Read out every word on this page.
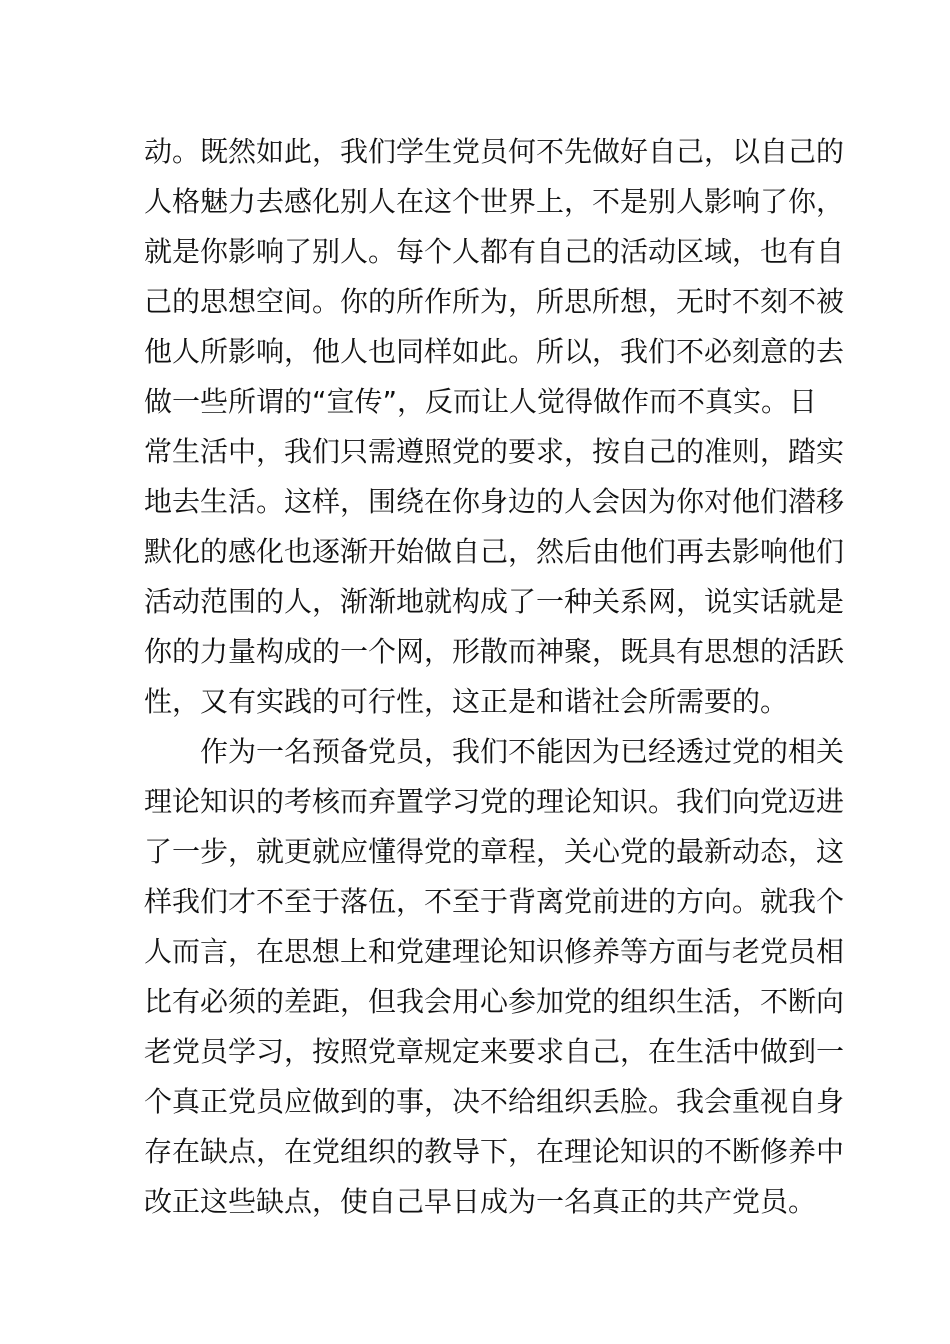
动。既然如此，我们学生党员何不先做好自己，以自己的
人格魅力去感化别人在这个世界上，不是别人影响了你，
就是你影响了别人。每个人都有自己的活动区域，也有自
己的思想空间。你的所作所为，所思所想，无时不刻不被
他人所影响，他人也同样如此。所以，我们不必刻意的去
做一些所谓的“宣传”，反而让人觉得做作而不真实。日
常生活中，我们只需遵照党的要求，按自己的准则，踏实
地去生活。这样，围绕在你身边的人会因为你对他们潜移
默化的感化也逐渐开始做自己，然后由他们再去影响他们
活动范围的人，渐渐地就构成了一种关系网，说实话就是
你的力量构成的一个网，形散而神聚，既具有思想的活跃
性，又有实践的可行性，这正是和谐社会所需要的。
作为一名预备党员，我们不能因为已经透过党的相关
理论知识的考核而弃置学习党的理论知识。我们向党迈进
了一步，就更就应懂得党的章程，关心党的最新动态，这
样我们才不至于落伍，不至于背离党前进的方向。就我个
人而言，在思想上和党建理论知识修养等方面与老党员相
比有必须的差距，但我会用心参加党的组织生活，不断向
老党员学习，按照党章规定来要求自己，在生活中做到一
个真正党员应做到的事，决不给组织丢脸。我会重视自身
存在缺点，在党组织的教导下，在理论知识的不断修养中
改正这些缺点，使自己早日成为一名真正的共产党员。
